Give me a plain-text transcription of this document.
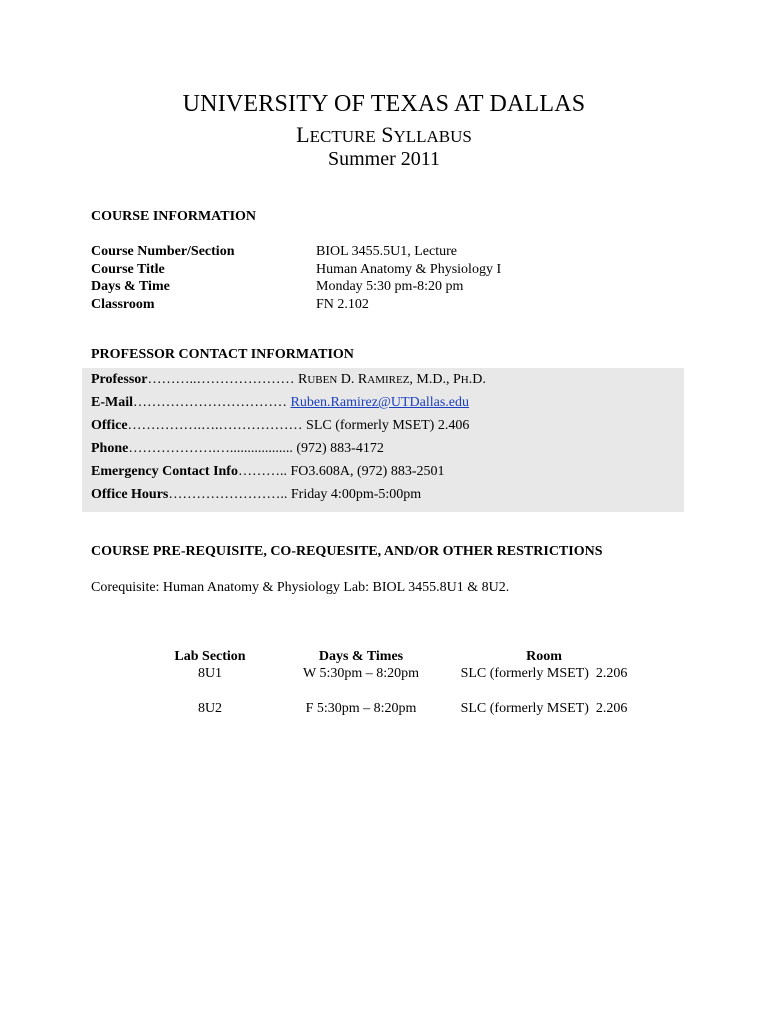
UNIVERSITY OF TEXAS AT DALLAS
LECTURE SYLLABUS
Summer 2011
COURSE INFORMATION
Course Number/Section	BIOL 3455.5U1, Lecture
Course Title	Human Anatomy & Physiology I
Days & Time	Monday 5:30 pm-8:20 pm
Classroom	FN 2.102
PROFESSOR CONTACT INFORMATION
Professor………..………………… RUBEN D. RAMIREZ, M.D., PH.D.
E-Mail…………………………… Ruben.Ramirez@UTDallas.edu
Office…………….….……………… SLC (formerly MSET) 2.406
Phone……………….….................. (972) 883-4172
Emergency Contact Info……….. FO3.608A, (972) 883-2501
Office Hours…………………….. Friday 4:00pm-5:00pm
COURSE PRE-REQUISITE, CO-REQUESITE, AND/OR OTHER RESTRICTIONS
Corequisite: Human Anatomy & Physiology Lab: BIOL 3455.8U1 & 8U2.
Lab Section	Days & Times	Room
8U1	W 5:30pm – 8:20pm	SLC (formerly MSET)  2.206
8U2	F 5:30pm – 8:20pm	SLC (formerly MSET)  2.206
